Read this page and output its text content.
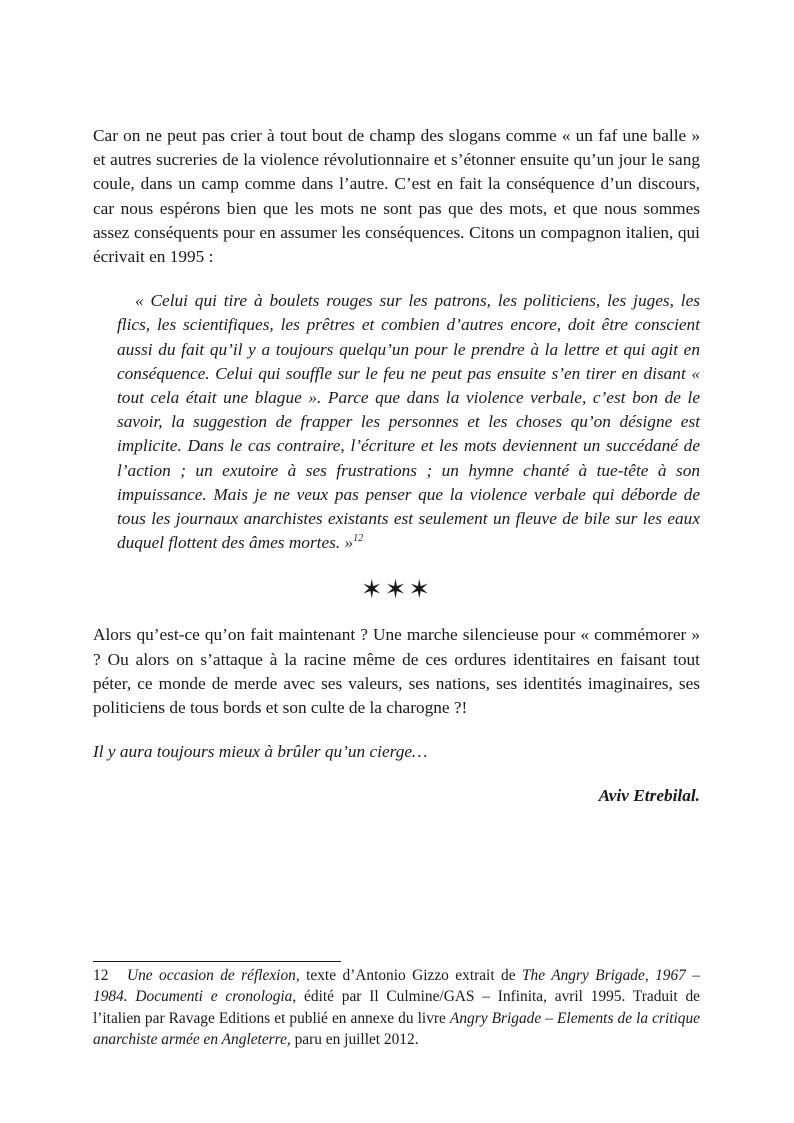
Car on ne peut pas crier à tout bout de champ des slogans comme « un faf une balle » et autres sucreries de la violence révolutionnaire et s’étonner ensuite qu’un jour le sang coule, dans un camp comme dans l’autre. C’est en fait la conséquence d’un discours, car nous espérons bien que les mots ne sont pas que des mots, et que nous sommes assez conséquents pour en assumer les conséquences. Citons un compagnon italien, qui écrivait en 1995 :

« Celui qui tire à boulets rouges sur les patrons, les politiciens, les juges, les flics, les scientifiques, les prêtres et combien d’autres encore, doit être conscient aussi du fait qu’il y a toujours quelqu’un pour le prendre à la lettre et qui agit en conséquence. Celui qui souffle sur le feu ne peut pas ensuite s’en tirer en disant « tout cela était une blague ». Parce que dans la violence verbale, c’est bon de le savoir, la suggestion de frapper les personnes et les choses qu’on désigne est implicite. Dans le cas contraire, l’écriture et les mots deviennent un succédané de l’action ; un exutoire à ses frustrations ; un hymne chanté à tue-tête à son impuissance. Mais je ne veux pas penser que la violence verbale qui déborde de tous les journaux anarchistes existants est seulement un fleuve de bile sur les eaux duquel flottent des âmes mortes. »$^{12}$

✶✶✶

Alors qu’est-ce qu’on fait maintenant ? Une marche silencieuse pour « commémorer » ? Ou alors on s’attaque à la racine même de ces ordures identitaires en faisant tout péter, ce monde de merde avec ses valeurs, ses nations, ses identités imaginaires, ses politiciens de tous bords et son culte de la charogne ?!

Il y aura toujours mieux à brûler qu’un cierge…

Aviv Etrebilal.

12 Une occasion de réflexion, texte d’Antonio Gizzo extrait de The Angry Brigade, 1967 – 1984. Documenti e cronologia, édité par Il Culmine/GAS – Infinita, avril 1995. Traduit de l’italien par Ravage Editions et publié en annexe du livre Angry Brigade – Elements de la critique anarchiste armée en Angleterre, paru en juillet 2012.
